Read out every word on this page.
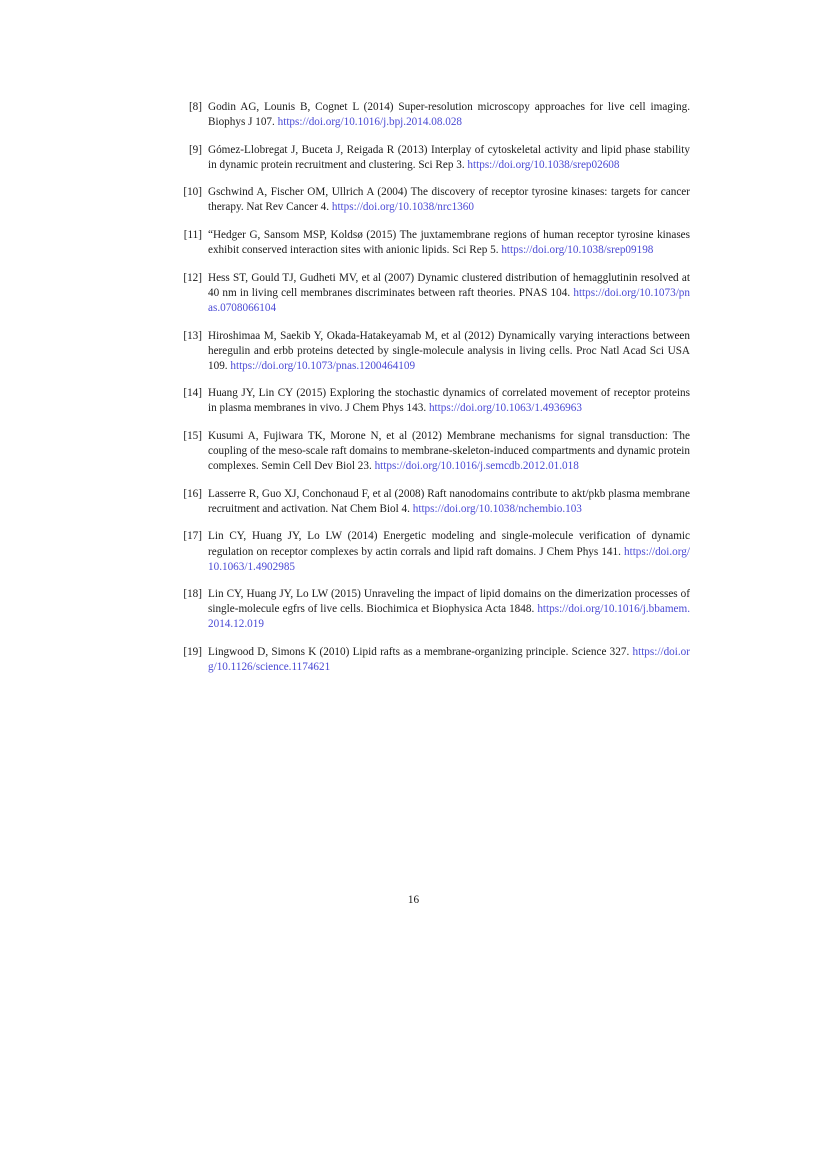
[8] Godin AG, Lounis B, Cognet L (2014) Super-resolution microscopy approaches for live cell imaging. Biophys J 107. https://doi.org/10.1016/j.bpj.2014.08.028
[9] Gómez-Llobregat J, Buceta J, Reigada R (2013) Interplay of cytoskeletal activity and lipid phase stability in dynamic protein recruitment and clustering. Sci Rep 3. https://doi.org/10.1038/srep02608
[10] Gschwind A, Fischer OM, Ullrich A (2004) The discovery of receptor tyrosine kinases: targets for cancer therapy. Nat Rev Cancer 4. https://doi.org/10.1038/nrc1360
[11] “Hedger G, Sansom MSP, Koldsø (2015) The juxtamembrane regions of human receptor tyrosine kinases exhibit conserved interaction sites with anionic lipids. Sci Rep 5. https://doi.org/10.1038/srep09198
[12] Hess ST, Gould TJ, Gudheti MV, et al (2007) Dynamic clustered distribution of hemagglutinin resolved at 40 nm in living cell membranes discriminates between raft theories. PNAS 104. https://doi.org/10.1073/pnas.0708066104
[13] Hiroshimaa M, Saekib Y, Okada-Hatakeyamab M, et al (2012) Dynamically varying interactions between heregulin and erbb proteins detected by single-molecule analysis in living cells. Proc Natl Acad Sci USA 109. https://doi.org/10.1073/pnas.1200464109
[14] Huang JY, Lin CY (2015) Exploring the stochastic dynamics of correlated movement of receptor proteins in plasma membranes in vivo. J Chem Phys 143. https://doi.org/10.1063/1.4936963
[15] Kusumi A, Fujiwara TK, Morone N, et al (2012) Membrane mechanisms for signal transduction: The coupling of the meso-scale raft domains to membrane-skeleton-induced compartments and dynamic protein complexes. Semin Cell Dev Biol 23. https://doi.org/10.1016/j.semcdb.2012.01.018
[16] Lasserre R, Guo XJ, Conchonaud F, et al (2008) Raft nanodomains contribute to akt/pkb plasma membrane recruitment and activation. Nat Chem Biol 4. https://doi.org/10.1038/nchembio.103
[17] Lin CY, Huang JY, Lo LW (2014) Energetic modeling and single-molecule verification of dynamic regulation on receptor complexes by actin corrals and lipid raft domains. J Chem Phys 141. https://doi.org/10.1063/1.4902985
[18] Lin CY, Huang JY, Lo LW (2015) Unraveling the impact of lipid domains on the dimerization processes of single-molecule egfrs of live cells. Biochimica et Biophysica Acta 1848. https://doi.org/10.1016/j.bbamem.2014.12.019
[19] Lingwood D, Simons K (2010) Lipid rafts as a membrane-organizing principle. Science 327. https://doi.org/10.1126/science.1174621
16
